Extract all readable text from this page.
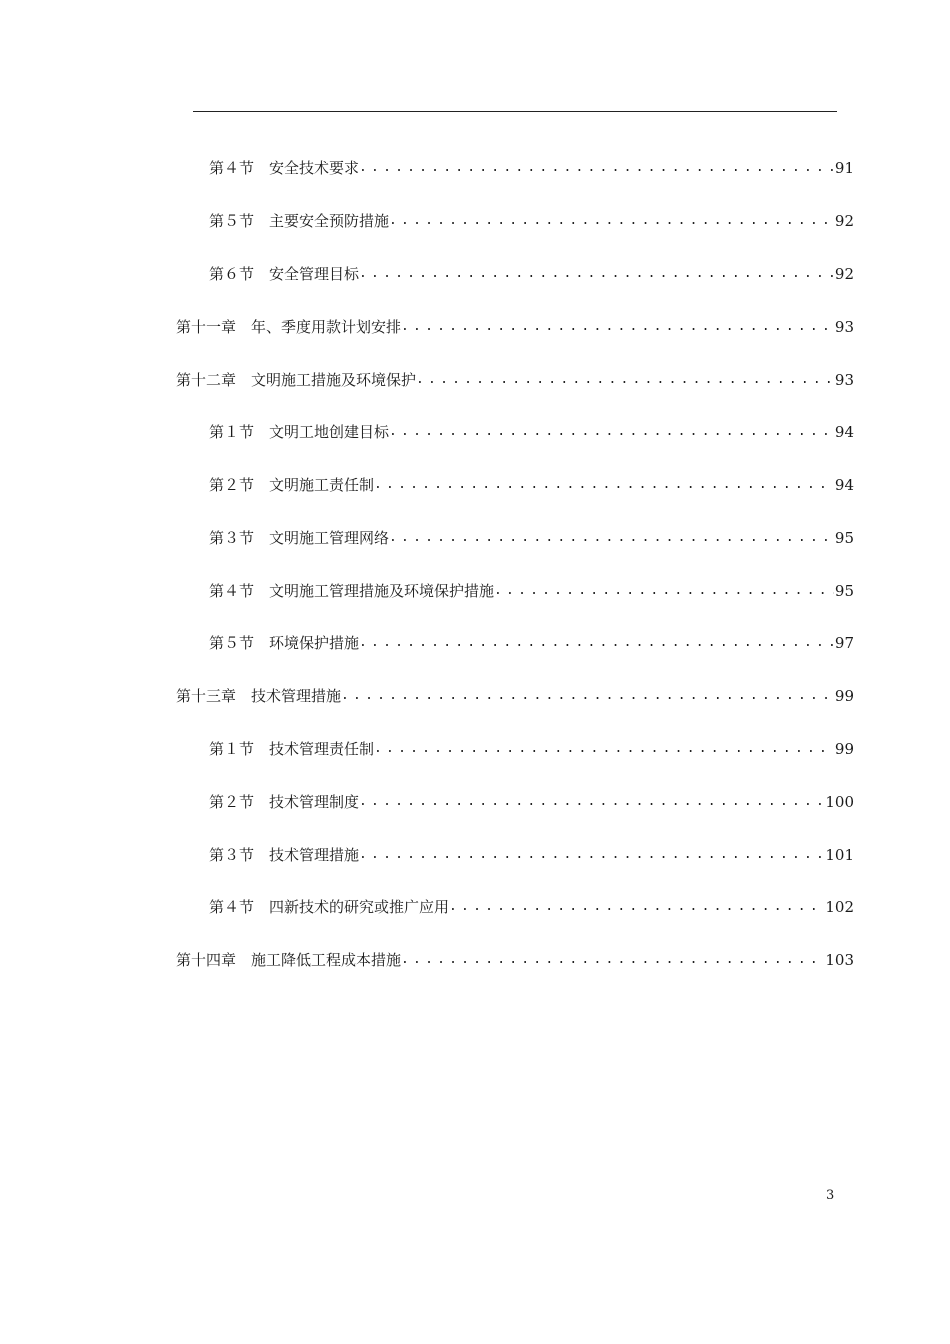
第４节　安全技术要求 .....	91
第５节　主要安全预防措施 .....	92
第６节　安全管理目标 .....	92
第十一章　年、季度用款计划安排 .....	93
第十二章　文明施工措施及环境保护 .....	93
第１节　文明工地创建目标 .....	94
第２节　文明施工责任制 .....	94
第３节　文明施工管理网络 .....	95
第４节　文明施工管理措施及环境保护措施 .....	95
第５节　环境保护措施 .....	97
第十三章　技术管理措施 .....	99
第１节　技术管理责任制 .....	99
第２节　技术管理制度 .....	100
第３节　技术管理措施 .....	101
第４节　四新技术的研究或推广应用 .....	102
第十四章　施工降低工程成本措施 .....	103
3
